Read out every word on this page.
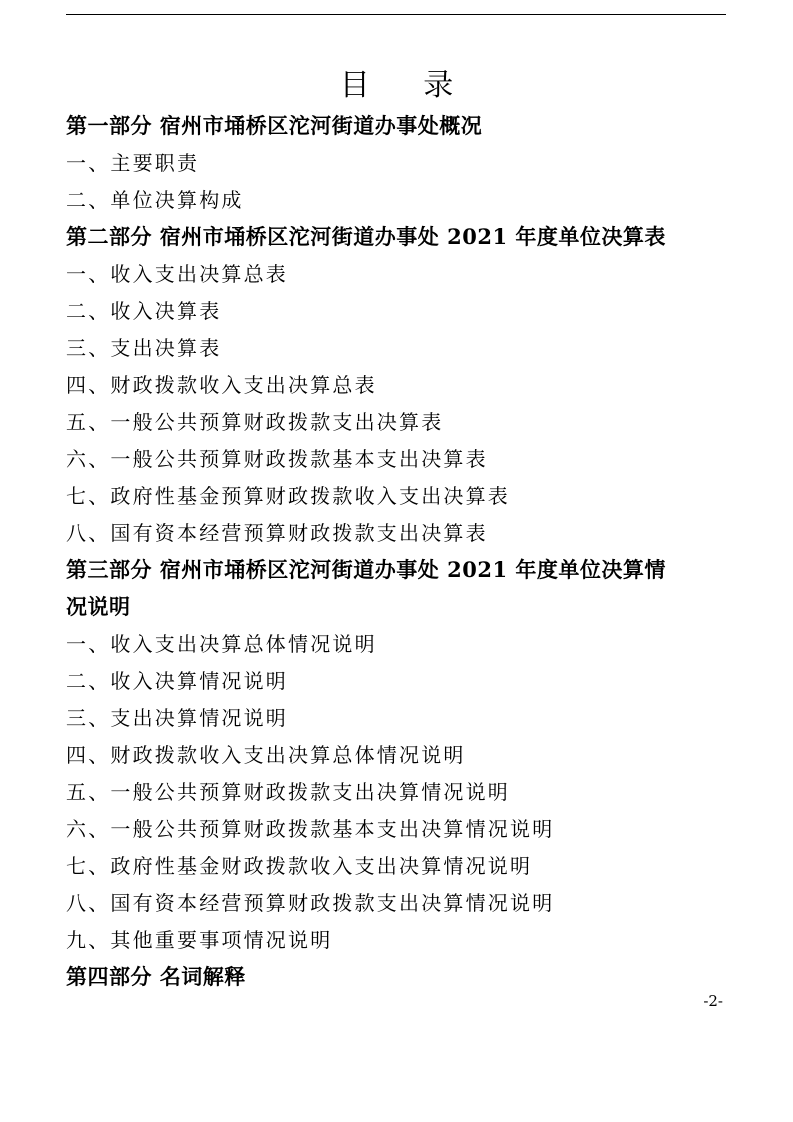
目 录
第一部分 宿州市埇桥区沱河街道办事处概况
一、主要职责
二、单位决算构成
第二部分 宿州市埇桥区沱河街道办事处 2021 年度单位决算表
一、收入支出决算总表
二、收入决算表
三、支出决算表
四、财政拨款收入支出决算总表
五、一般公共预算财政拨款支出决算表
六、一般公共预算财政拨款基本支出决算表
七、政府性基金预算财政拨款收入支出决算表
八、国有资本经营预算财政拨款支出决算表
第三部分 宿州市埇桥区沱河街道办事处 2021 年度单位决算情
况说明
一、收入支出决算总体情况说明
二、收入决算情况说明
三、支出决算情况说明
四、财政拨款收入支出决算总体情况说明
五、一般公共预算财政拨款支出决算情况说明
六、一般公共预算财政拨款基本支出决算情况说明
七、政府性基金财政拨款收入支出决算情况说明
八、国有资本经营预算财政拨款支出决算情况说明
九、其他重要事项情况说明
第四部分 名词解释
-2-
